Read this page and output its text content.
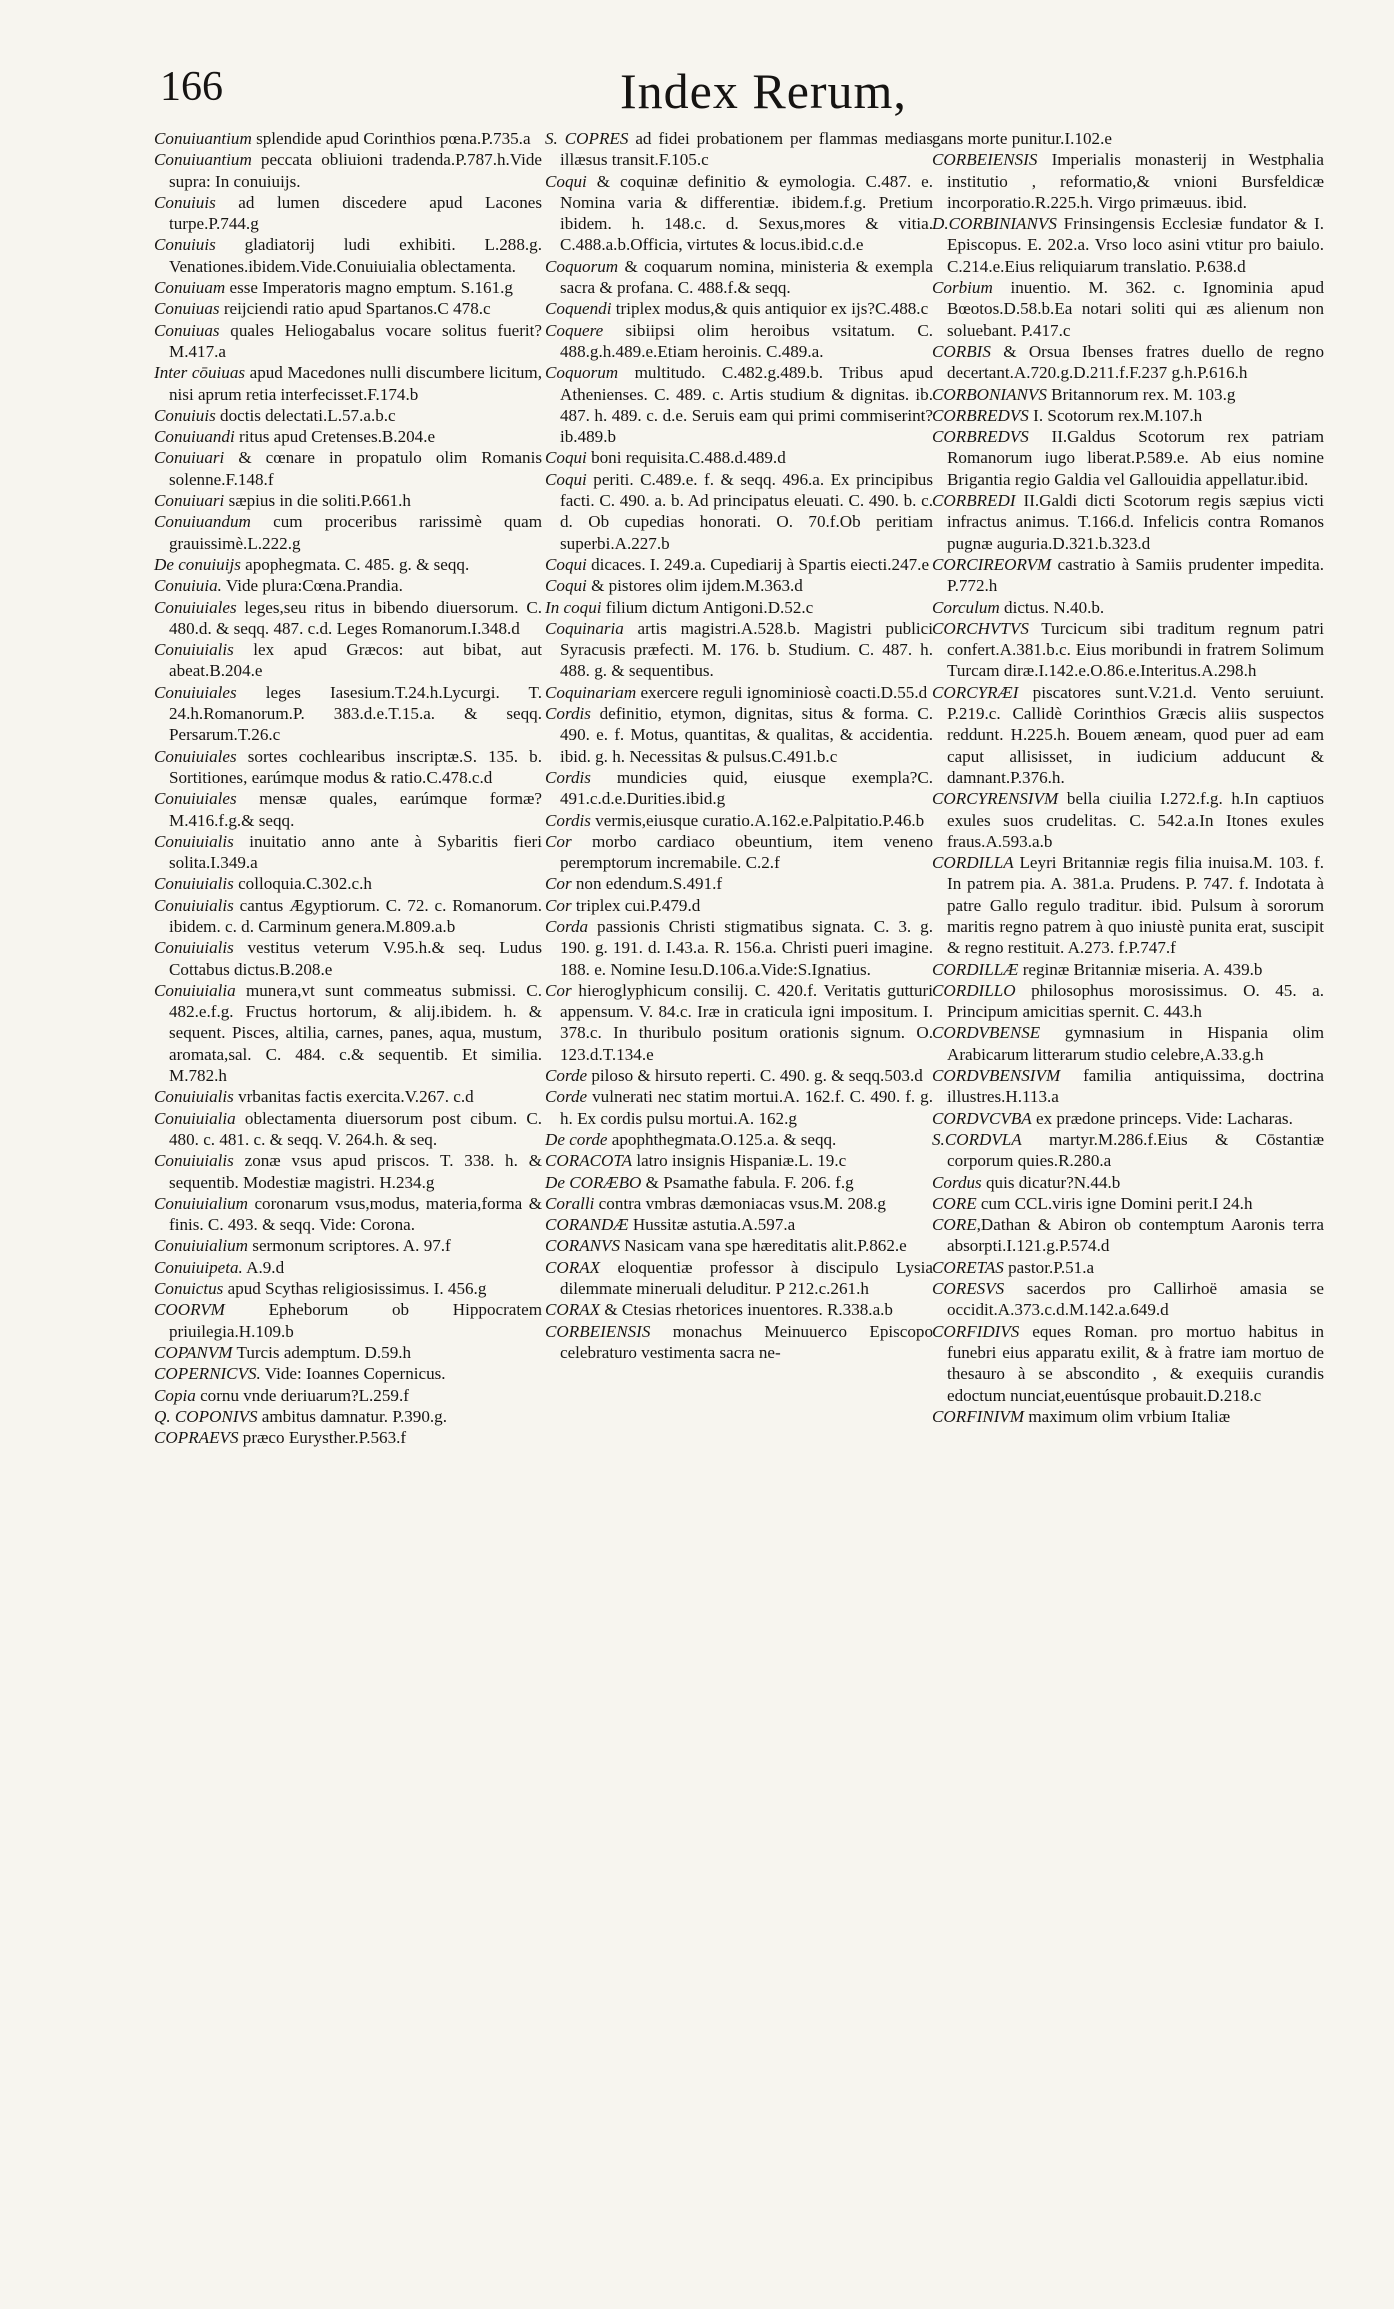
166	Index Rerum,

Conuiuantium splendide apud Corinthios pœna.P.735.a

Conuiuantium peccata obliuioni tradenda.P.787.h.Vide supra: In conuiuijs.

Conuiuis ad lumen discedere apud Lacones turpe.P.744.g

Conuiuis gladiatorij ludi exhibiti. L.288.g. Venationes.ibidem.Vide.Conuiuialia oblectamenta.

Conuiuam esse Imperatoris magno emptum. S.161.g

Conuiuas reijciendi ratio apud Spartanos.C 478.c

Conuiuas quales Heliogabalus vocare solitus fuerit?M.417.a

Inter cōuiuas apud Macedones nulli discumbere licitum, nisi aprum retia interfecisset.F.174.b

Conuiuis doctis delectati.L.57.a.b.c

Conuiuandi ritus apud Cretenses.B.204.e

Conuiuari & cœnare in propatulo olim Romanis solenne.F.148.f

Conuiuari sæpius in die soliti.P.661.h

Conuiuandum cum proceribus rarissimè quam grauissimè.L.222.g

De conuiuijs apophegmata. C. 485. g. & seqq.

Conuiuia. Vide plura:Cœna.Prandia.

Conuiuiales leges,seu ritus in bibendo diuersorum. C. 480.d. & seqq. 487. c.d. Leges Romanorum.I.348.d

Conuiuialis lex apud Græcos: aut bibat, aut abeat.B.204.e

Conuiuiales leges Iasesium.T.24.h.Lycurgi. T. 24.h.Romanorum.P. 383.d.e.T.15.a. & seqq. Persarum.T.26.c

Conuiuiales sortes cochlearibus inscriptæ.S. 135. b. Sortitiones, earúmque modus & ratio.C.478.c.d

Conuiuiales mensæ quales, earúmque formæ? M.416.f.g.& seqq.

Conuiuialis inuitatio anno ante à Sybaritis fieri solita.I.349.a

Conuiuialis colloquia.C.302.c.h

Conuiuialis cantus Ægyptiorum. C. 72. c. Romanorum. ibidem. c. d. Carminum genera.M.809.a.b

Conuiuialis vestitus veterum V.95.h.& seq. Ludus Cottabus dictus.B.208.e

Conuiuialia munera,vt sunt commeatus submissi. C. 482.e.f.g. Fructus hortorum, & alij.ibidem. h. & sequent. Pisces, altilia, carnes, panes, aqua, mustum, aromata,sal. C. 484. c.& sequentib. Et similia. M.782.h

Conuiuialis vrbanitas factis exercita.V.267. c.d

Conuiuialia oblectamenta diuersorum post cibum. C. 480. c. 481. c. & seqq. V. 264.h. & seq.

Conuiuialis zonæ vsus apud priscos. T. 338. h. & sequentib. Modestiæ magistri. H.234.g

Conuiuialium coronarum vsus,modus, materia,forma & finis. C. 493. & seqq. Vide: Corona.

Conuiuialium sermonum scriptores. A. 97.f

Conuiuipeta. A.9.d

Conuictus apud Scythas religiosissimus. I. 456.g

COORVM Epheborum ob Hippocratem priuilegia.H.109.b

COPANVM Turcis ademptum. D.59.h

COPERNICVS. Vide: Ioannes Copernicus.

Copia cornu vnde deriuarum?L.259.f

Q. COPONIVS ambitus damnatur. P.390.g.

COPRAEVS præco Eurysther.P.563.f

S. COPRES ad fidei probationem per flammas medias illæsus transit.F.105.c

Coqui & coquinæ definitio & eymologia. C.487. e. Nomina varia & differentiæ. ibidem.f.g. Pretium ibidem. h. 148.c. d. Sexus,mores & vitia. C.488.a.b.Officia, virtutes & locus.ibid.c.d.e

Coquorum & coquarum nomina, ministeria & exempla sacra & profana. C. 488.f.& seqq.

Coquendi triplex modus,& quis antiquior ex ijs?C.488.c

Coquere sibiipsi olim heroibus vsitatum. C. 488.g.h.489.e.Etiam heroinis. C.489.a.

Coquorum multitudo. C.482.g.489.b. Tribus apud Athenienses. C. 489. c. Artis studium & dignitas. ib. 487. h. 489. c. d.e. Seruis eam qui primi commiserint? ib.489.b

Coqui boni requisita.C.488.d.489.d

Coqui periti. C.489.e. f. & seqq. 496.a. Ex principibus facti. C. 490. a. b. Ad principatus eleuati. C. 490. b. c. d. Ob cupedias honorati. O. 70.f.Ob peritiam superbi.A.227.b

Coqui dicaces. I. 249.a. Cupediarij à Spartis eiecti.247.e

Coqui & pistores olim ijdem.M.363.d

In coqui filium dictum Antigoni.D.52.c

Coquinaria artis magistri.A.528.b. Magistri publici Syracusis præfecti. M. 176. b. Studium. C. 487. h. 488. g. & sequentibus.

Coquinariam exercere reguli ignominiosè coacti.D.55.d

Cordis definitio, etymon, dignitas, situs & forma. C. 490. e. f. Motus, quantitas, & qualitas, & accidentia. ibid. g. h. Necessitas & pulsus.C.491.b.c

Cordis mundicies quid, eiusque exempla?C. 491.c.d.e.Durities.ibid.g

Cordis vermis,eiusque curatio.A.162.e.Palpitatio.P.46.b

Cor morbo cardiaco obeuntium, item veneno peremptorum incremabile. C.2.f

Cor non edendum.S.491.f

Cor triplex cui.P.479.d

Corda passionis Christi stigmatibus signata. C. 3. g. 190. g. 191. d. I.43.a. R. 156.a. Christi pueri imagine. 188. e. Nomine Iesu.D.106.a.Vide:S.Ignatius.

Cor hieroglyphicum consilij. C. 420.f. Veritatis gutturi appensum. V. 84.c. Iræ in craticula igni impositum. I. 378.c. In thuribulo positum orationis signum. O. 123.d.T.134.e

Corde piloso & hirsuto reperti. C. 490. g. & seqq.503.d

Corde vulnerati nec statim mortui.A. 162.f. C. 490. f. g. h. Ex cordis pulsu mortui.A. 162.g

De corde apophthegmata.O.125.a. & seqq.

CORACOTA latro insignis Hispaniæ.L. 19.c

De CORÆBO & Psamathe fabula. F. 206. f.g

Coralli contra vmbras dæmoniacas vsus.M. 208.g

CORANDÆ Hussitæ astutia.A.597.a

CORANVS Nasicam vana spe hæreditatis alit.P.862.e

CORAX eloquentiæ professor à discipulo Lysia dilemmate mineruali deluditur. P 212.c.261.h

CORAX & Ctesias rhetorices inuentores. R.338.a.b

CORBEIENSIS monachus Meinuuerco Episcopo celebraturo vestimenta sacra ne-

gans morte punitur.I.102.e

CORBEIENSIS Imperialis monasterij in Westphalia institutio , reformatio,& vnioni Bursfeldicæ incorporatio.R.225.h. Virgo primæuus. ibid.

D.CORBINIANVS Frinsingensis Ecclesiæ fundator & I. Episcopus. E. 202.a. Vrso loco asini vtitur pro baiulo. C.214.e.Eius reliquiarum translatio. P.638.d

Corbium inuentio. M. 362. c. Ignominia apud Bœotos.D.58.b.Ea notari soliti qui æs alienum non soluebant. P.417.c

CORBIS & Orsua Ibenses fratres duello de regno decertant.A.720.g.D.211.f.F.237 g.h.P.616.h

CORBONIANVS Britannorum rex. M. 103.g

CORBREDVS I. Scotorum rex.M.107.h

CORBREDVS II.Galdus Scotorum rex patriam Romanorum iugo liberat.P.589.e. Ab eius nomine Brigantia regio Galdia vel Gallouidia appellatur.ibid.

CORBREDI II.Galdi dicti Scotorum regis sæpius victi infractus animus. T.166.d. Infelicis contra Romanos pugnæ auguria.D.321.b.323.d

CORCIREORVM castratio à Samiis prudenter impedita. P.772.h

Corculum dictus. N.40.b.

CORCHVTVS Turcicum sibi traditum regnum patri confert.A.381.b.c. Eius moribundi in fratrem Solimum Turcam diræ.I.142.e.O.86.e.Interitus.A.298.h

CORCYRÆI piscatores sunt.V.21.d. Vento seruiunt. P.219.c. Callidè Corinthios Græcis aliis suspectos reddunt. H.225.h. Bouem æneam, quod puer ad eam caput allisisset, in iudicium adducunt & damnant.P.376.h.

CORCYRENSIVM bella ciuilia I.272.f.g. h.In captiuos exules suos crudelitas. C. 542.a.In Itones exules fraus.A.593.a.b

CORDILLA Leyri Britanniæ regis filia inuisa.M. 103. f. In patrem pia. A. 381.a. Prudens. P. 747. f. Indotata à patre Gallo regulo traditur. ibid. Pulsum à sororum maritis regno patrem à quo iniustè punita erat, suscipit & regno restituit. A.273. f.P.747.f

CORDILLÆ reginæ Britanniæ miseria. A. 439.b

CORDILLO philosophus morosissimus. O. 45. a. Principum amicitias spernit. C. 443.h

CORDVBENSE gymnasium in Hispania olim Arabicarum litterarum studio celebre,A.33.g.h

CORDVBENSIVM familia antiquissima, doctrina illustres.H.113.a

CORDVCVBA ex prædone princeps. Vide: Lacharas.

S.CORDVLA martyr.M.286.f.Eius & Cōstantiæ corporum quies.R.280.a

Cordus quis dicatur?N.44.b

CORE cum CCL.viris igne Domini perit.I 24.h

CORE,Dathan & Abiron ob contemptum Aaronis terra absorpti.I.121.g.P.574.d

CORETAS pastor.P.51.a

CORESVS sacerdos pro Callirhoë amasia se occidit.A.373.c.d.M.142.a.649.d

CORFIDIVS eques Roman. pro mortuo habitus in funebri eius apparatu exilit, & à fratre iam mortuo de thesauro à se abscondito , & exequiis curandis edoctum nunciat,euentúsque probauit.D.218.c

CORFINIVM maximum olim vrbium Italiæ
